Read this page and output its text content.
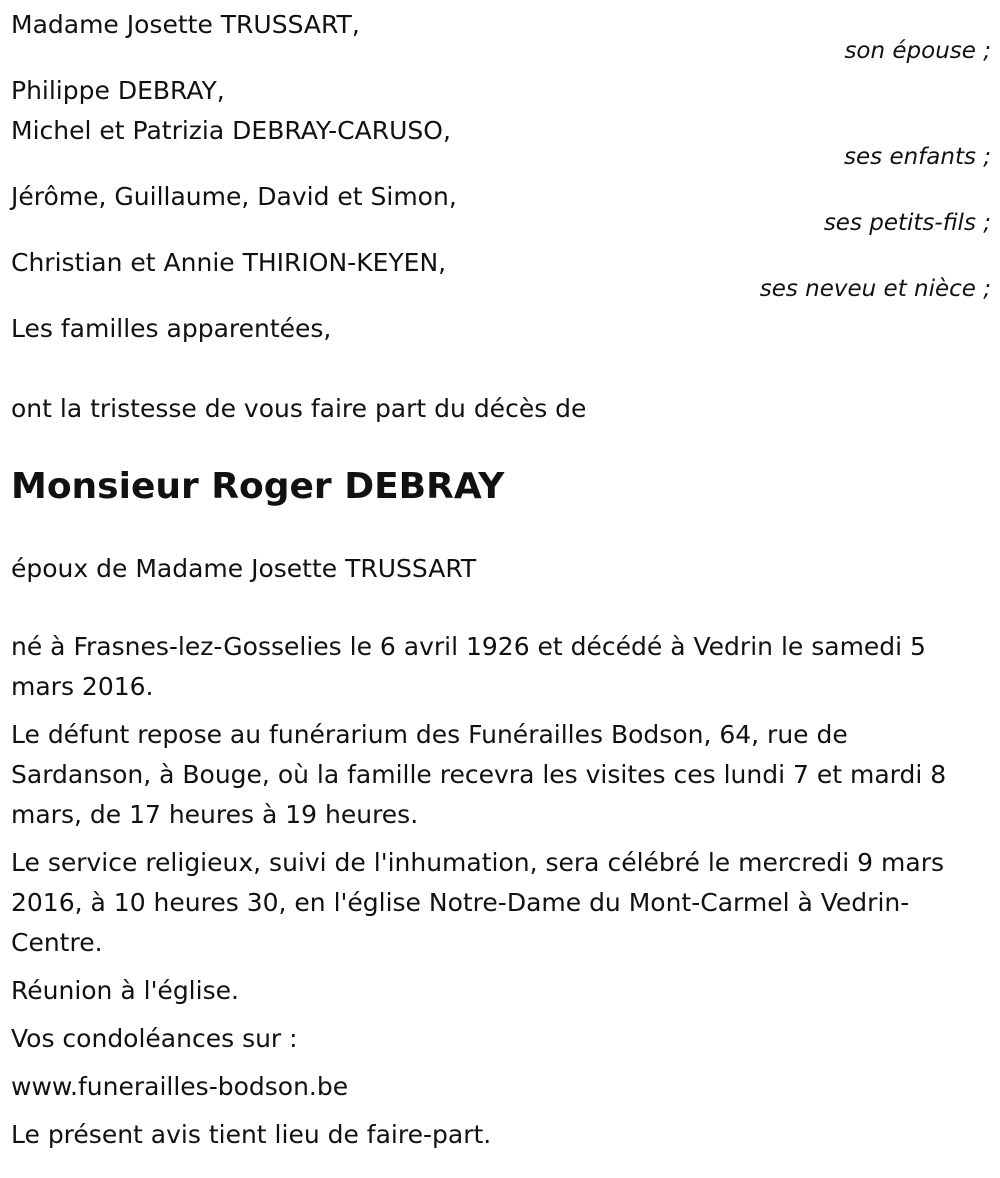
Madame Josette TRUSSART,
son épouse ;
Philippe DEBRAY,
Michel et Patrizia DEBRAY-CARUSO,
ses enfants ;
Jérôme, Guillaume, David et Simon,
ses petits-fils ;
Christian et Annie THIRION-KEYEN,
ses neveu et nièce ;
Les familles apparentées,
ont la tristesse de vous faire part du décès de
Monsieur Roger DEBRAY
époux de Madame Josette TRUSSART
né à Frasnes-lez-Gosselies le 6 avril 1926 et décédé à Vedrin le samedi 5 mars 2016.
Le défunt repose au funérarium des Funérailles Bodson, 64, rue de Sardanson, à Bouge, où la famille recevra les visites ces lundi 7 et mardi 8 mars, de 17 heures à 19 heures.
Le service religieux, suivi de l'inhumation, sera célébré le mercredi 9 mars 2016, à 10 heures 30, en l'église Notre-Dame du Mont-Carmel à Vedrin-Centre.
Réunion à l'église.
Vos condoléances sur :
www.funerailles-bodson.be
Le présent avis tient lieu de faire-part.
